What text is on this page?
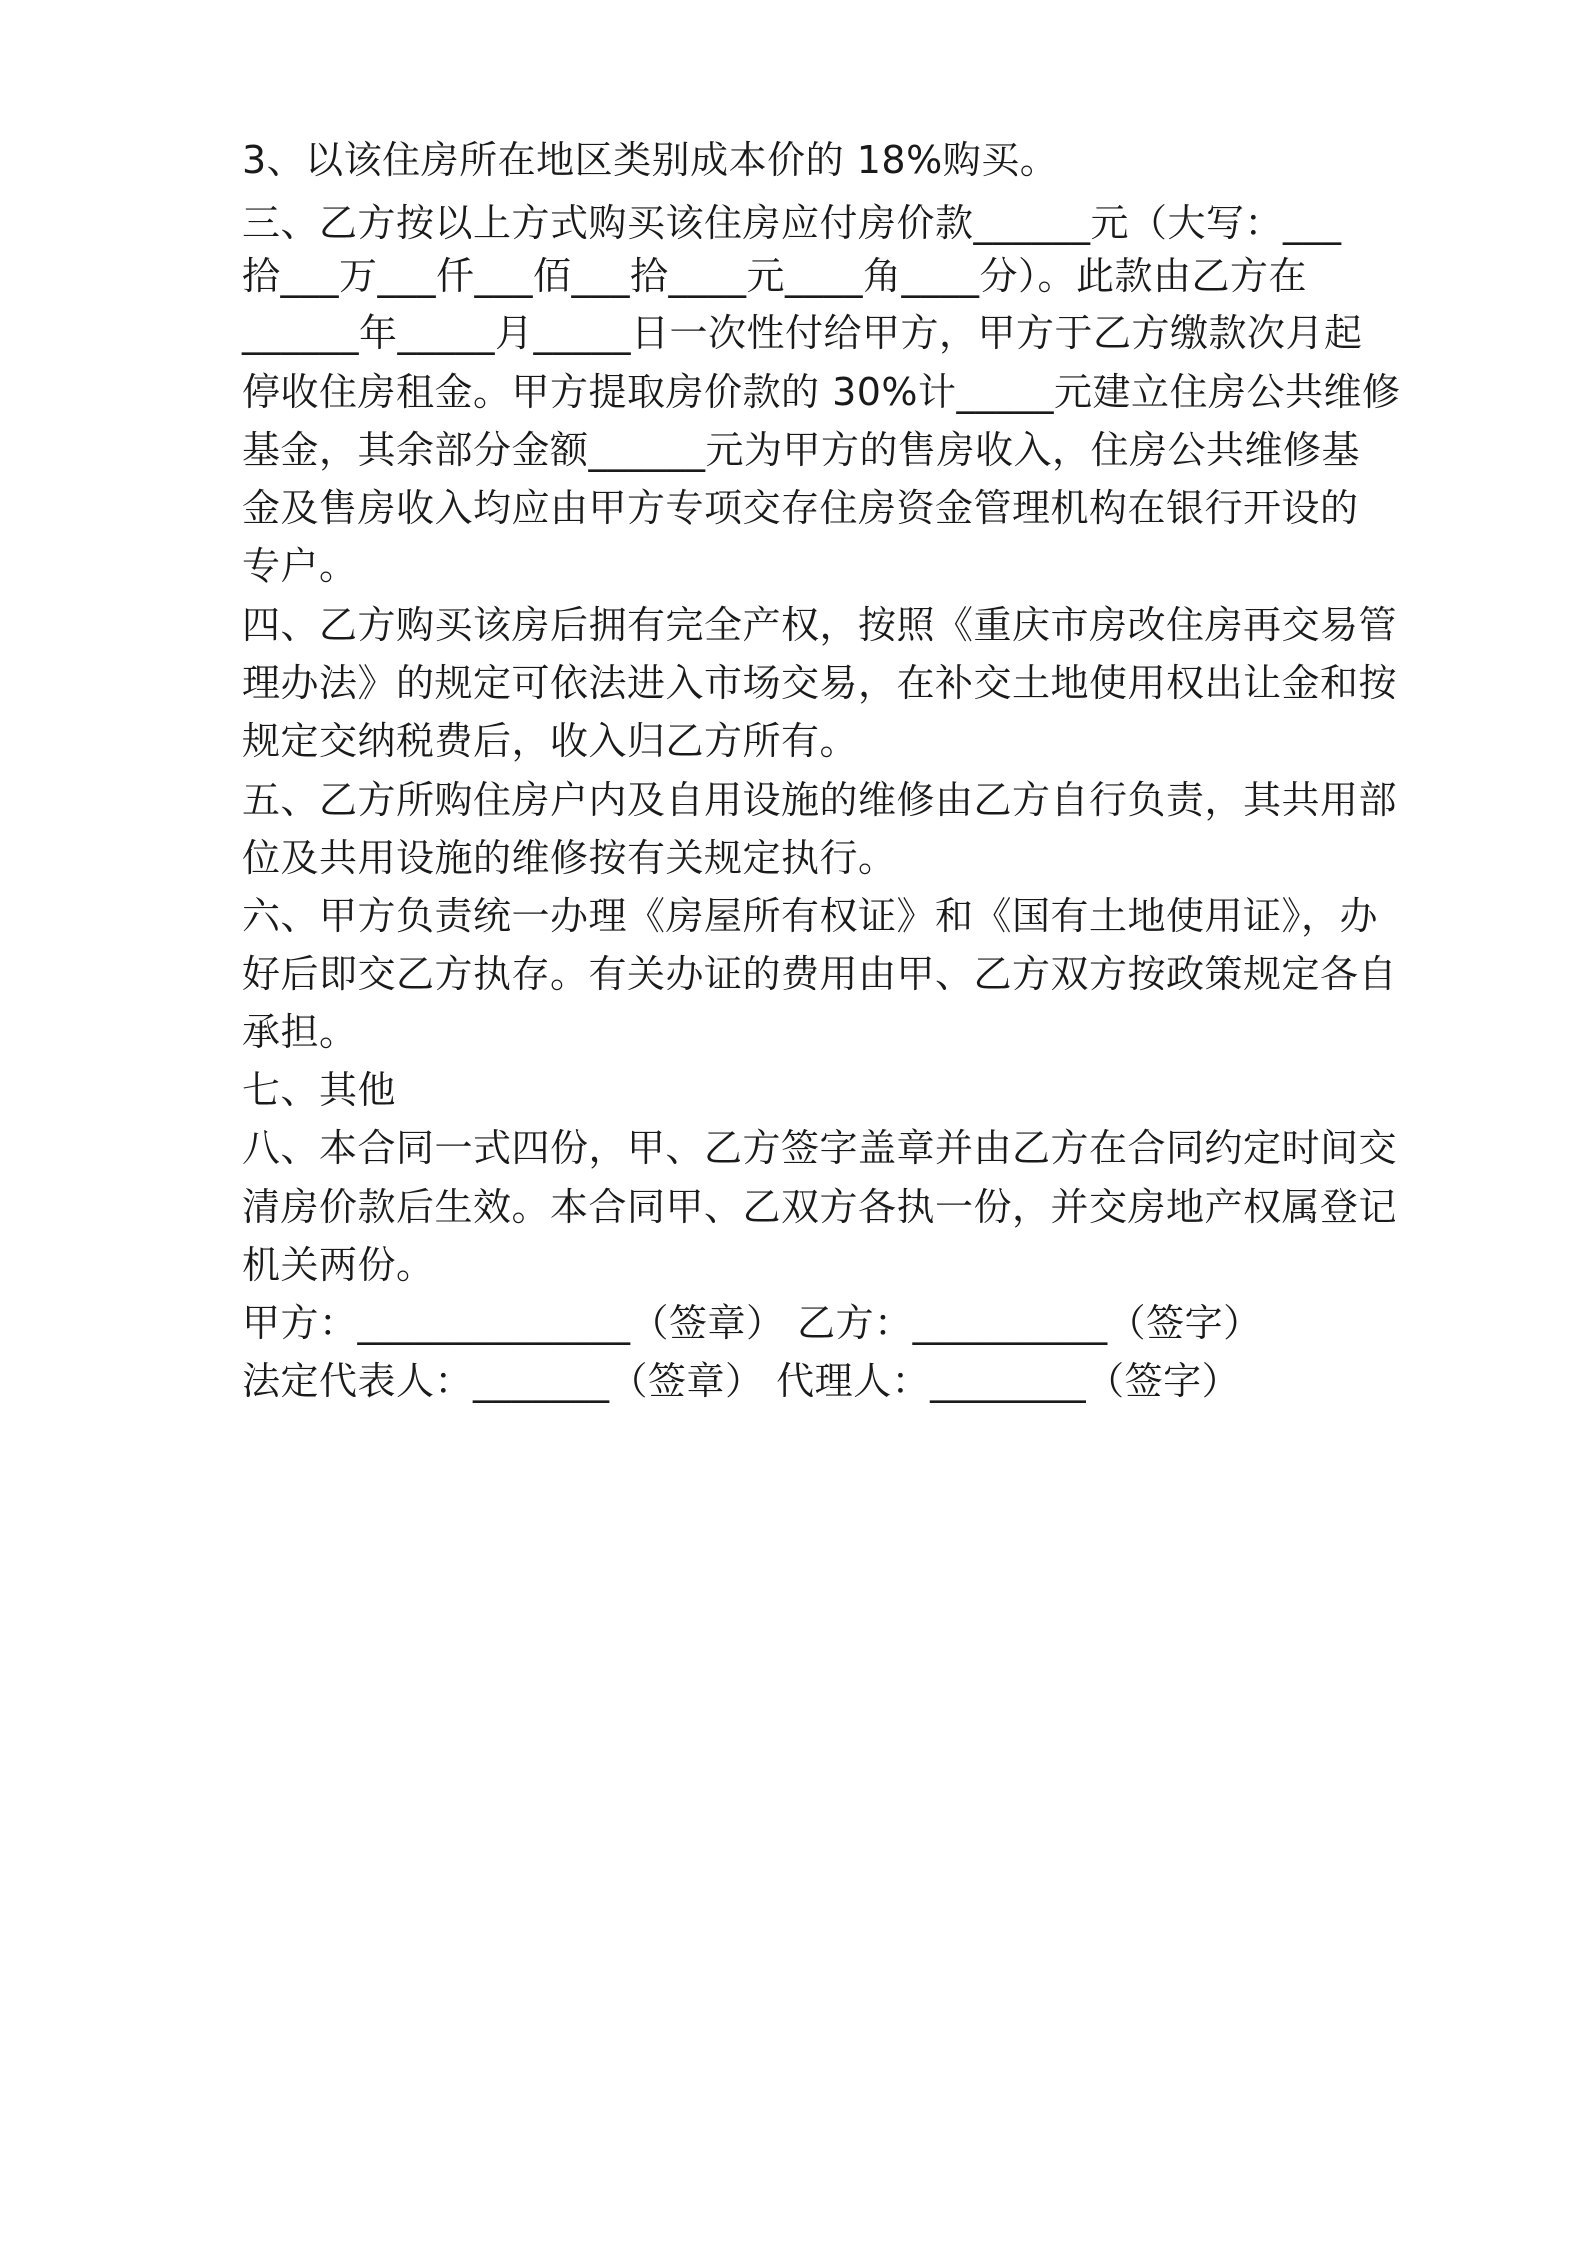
3、以该住房所在地区类别成本价的 18%购买。
三、乙方按以上方式购买该住房应付房价款______元（大写：___
拾___万___仟___佰___拾____元____角____分）。此款由乙方在
______年_____月_____日一次性付给甲方，甲方于乙方缴款次月起
停收住房租金。甲方提取房价款的 30%计_____元建立住房公共维修
基金，其余部分金额______元为甲方的售房收入，住房公共维修基
金及售房收入均应由甲方专项交存住房资金管理机构在银行开设的
专户。
四、乙方购买该房后拥有完全产权，按照《重庆市房改住房再交易管
理办法》的规定可依法进入市场交易，在补交土地使用权出让金和按
规定交纳税费后，收入归乙方所有。
五、乙方所购住房户内及自用设施的维修由乙方自行负责，其共用部
位及共用设施的维修按有关规定执行。
六、甲方负责统一办理《房屋所有权证》和《国有土地使用证》，办
好后即交乙方执存。有关办证的费用由甲、乙方双方按政策规定各自
承担。
七、其他
八、本合同一式四份，甲、乙方签字盖章并由乙方在合同约定时间交
清房价款后生效。本合同甲、乙双方各执一份，并交房地产权属登记
机关两份。
甲方：______________（签章） 乙方：__________（签字）
法定代表人：_______（签章） 代理人：________（签字）
